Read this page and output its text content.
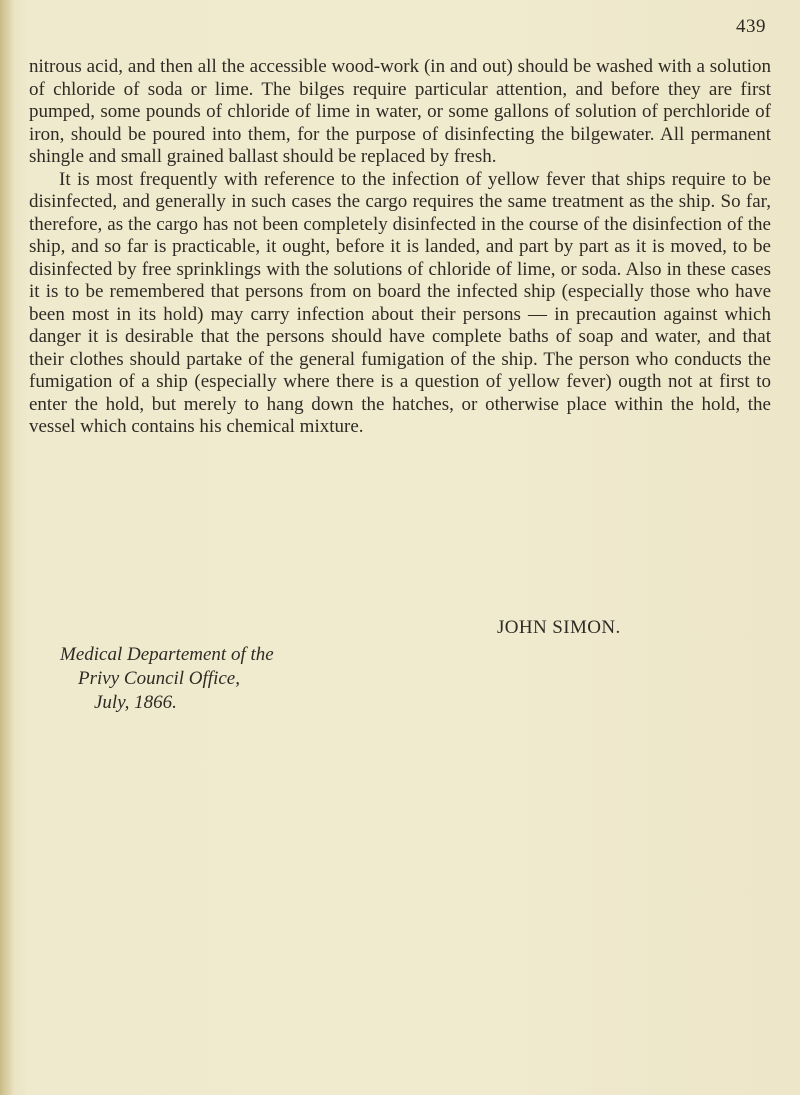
439

nitrous acid, and then all the accessible wood-work (in and out) should be washed with a solution of chloride of soda or lime. The bilges require particular attention, and before they are first pumped, some pounds of chloride of lime in water, or some gallons of solution of perchloride of iron, should be poured into them, for the purpose of disinfecting the bilgewater. All permanent shingle and small grained ballast should be replaced by fresh.

It is most frequently with reference to the infection of yellow fever that ships require to be disinfected, and generally in such cases the cargo requires the same treatment as the ship. So far, therefore, as the cargo has not been completely disinfected in the course of the disinfection of the ship, and so far is practicable, it ought, before it is landed, and part by part as it is moved, to be disinfected by free sprinklings with the solutions of chloride of lime, or soda. Also in these cases it is to be remembered that persons from on board the infected ship (especially those who have been most in its hold) may carry infection about their persons — in precaution against which danger it is desirable that the persons should have complete baths of soap and water, and that their clothes should partake of the general fumigation of the ship. The person who conducts the fumigation of a ship (especially where there is a question of yellow fever) ougth not at first to enter the hold, but merely to hang down the hatches, or otherwise place within the hold, the vessel which contains his chemical mixture.

JOHN SIMON.
Medical Departement of the
Privy Council Office,
July, 1866.
